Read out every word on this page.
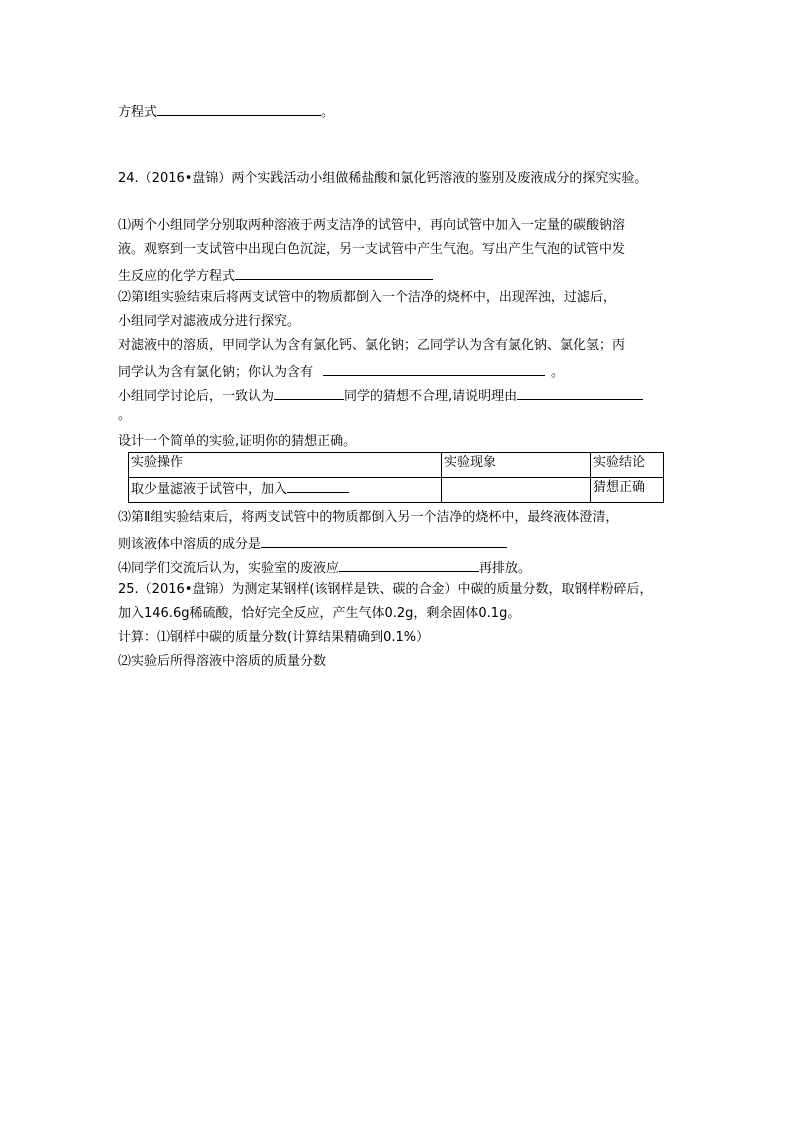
方程式	。
24.（2016•盘锦）两个实践活动小组做稀盐酸和氯化钙溶液的鉴别及废液成分的探究实验。
⑴两个小组同学分别取两种溶液于两支洁净的试管中，再向试管中加入一定量的碳酸钠溶
液。观察到一支试管中出现白色沉淀，另一支试管中产生气泡。写出产生气泡的试管中发
生反应的化学方程式
⑵第Ⅰ组实验结束后将两支试管中的物质都倒入一个洁净的烧杯中，出现浑浊，过滤后，
小组同学对滤液成分进行探究。
对滤液中的溶质，甲同学认为含有氯化钙、氯化钠；乙同学认为含有氯化钠、氯化氢；丙
同学认为含有氯化钠；你认为含有	。
小组同学讨论后，一致认为	同学的猜想不合理,请说明理由
。
设计一个简单的实验,证明你的猜想正确。
实验操作	实验现象	实验结论
取少量滤液于试管中，加入		猜想正确
⑶第Ⅱ组实验结束后，将两支试管中的物质都倒入另一个洁净的烧杯中，最终液体澄清，
则该液体中溶质的成分是
⑷同学们交流后认为，实验室的废液应	再排放。
25.（2016•盘锦）为测定某钢样(该钢样是铁、碳的合金）中碳的质量分数，取钢样粉碎后，
加入146.6g稀硫酸，恰好完全反应，产生气体0.2g，剩余固体0.1g。
计算：⑴钢样中碳的质量分数(计算结果精确到0.1%）
⑵实验后所得溶液中溶质的质量分数
